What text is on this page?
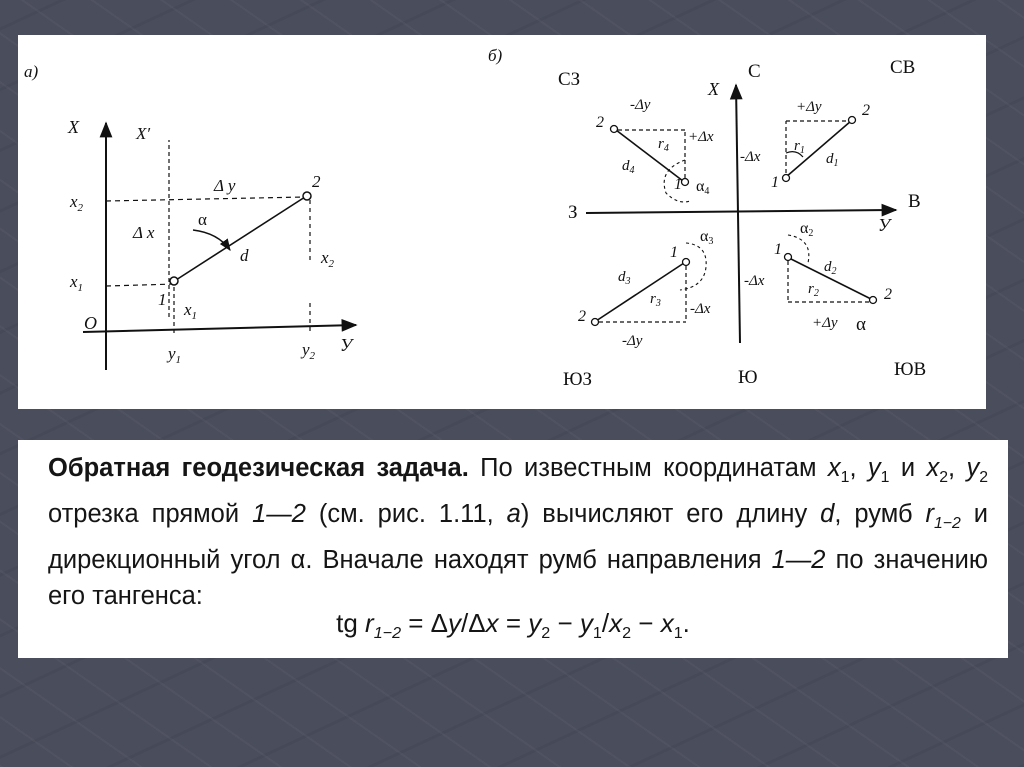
а)
X	X′
У
О
$x_2$
$x_1$
$у_1$
$у_2$
Δ у
Δ x
α
d
1
2
$x_1$
$x_2$
б)
С
Ю
В
З
СВ
СЗ
ЮВ
ЮЗ
X
У
1
2
+Δу
-Δx
$r_1$
$d_1$
2
1
-Δу
+Δx
$r_4$
$d_4$
α4
1
2
-Δу
-Δx
$r_3$
$d_3$
α3	1
2
+Δу
-Δx	$r_2$
$d_2$
α2
α
Обратная геодезическая задача. По известным координатам $x_1$, $у_1$ и $x_2$, $у_2$ отрезка прямой 1—2 (см. рис. 1.11, а) вычисляют его длину d, румб $r_{1-2}$ и дирекционный угол α. Вначале находят румб направления 1—2 по значению его тангенса:
tg $r_{1-2} = \Delta у/\Delta x = у_2 - у_1/x_2 - x_1$.
